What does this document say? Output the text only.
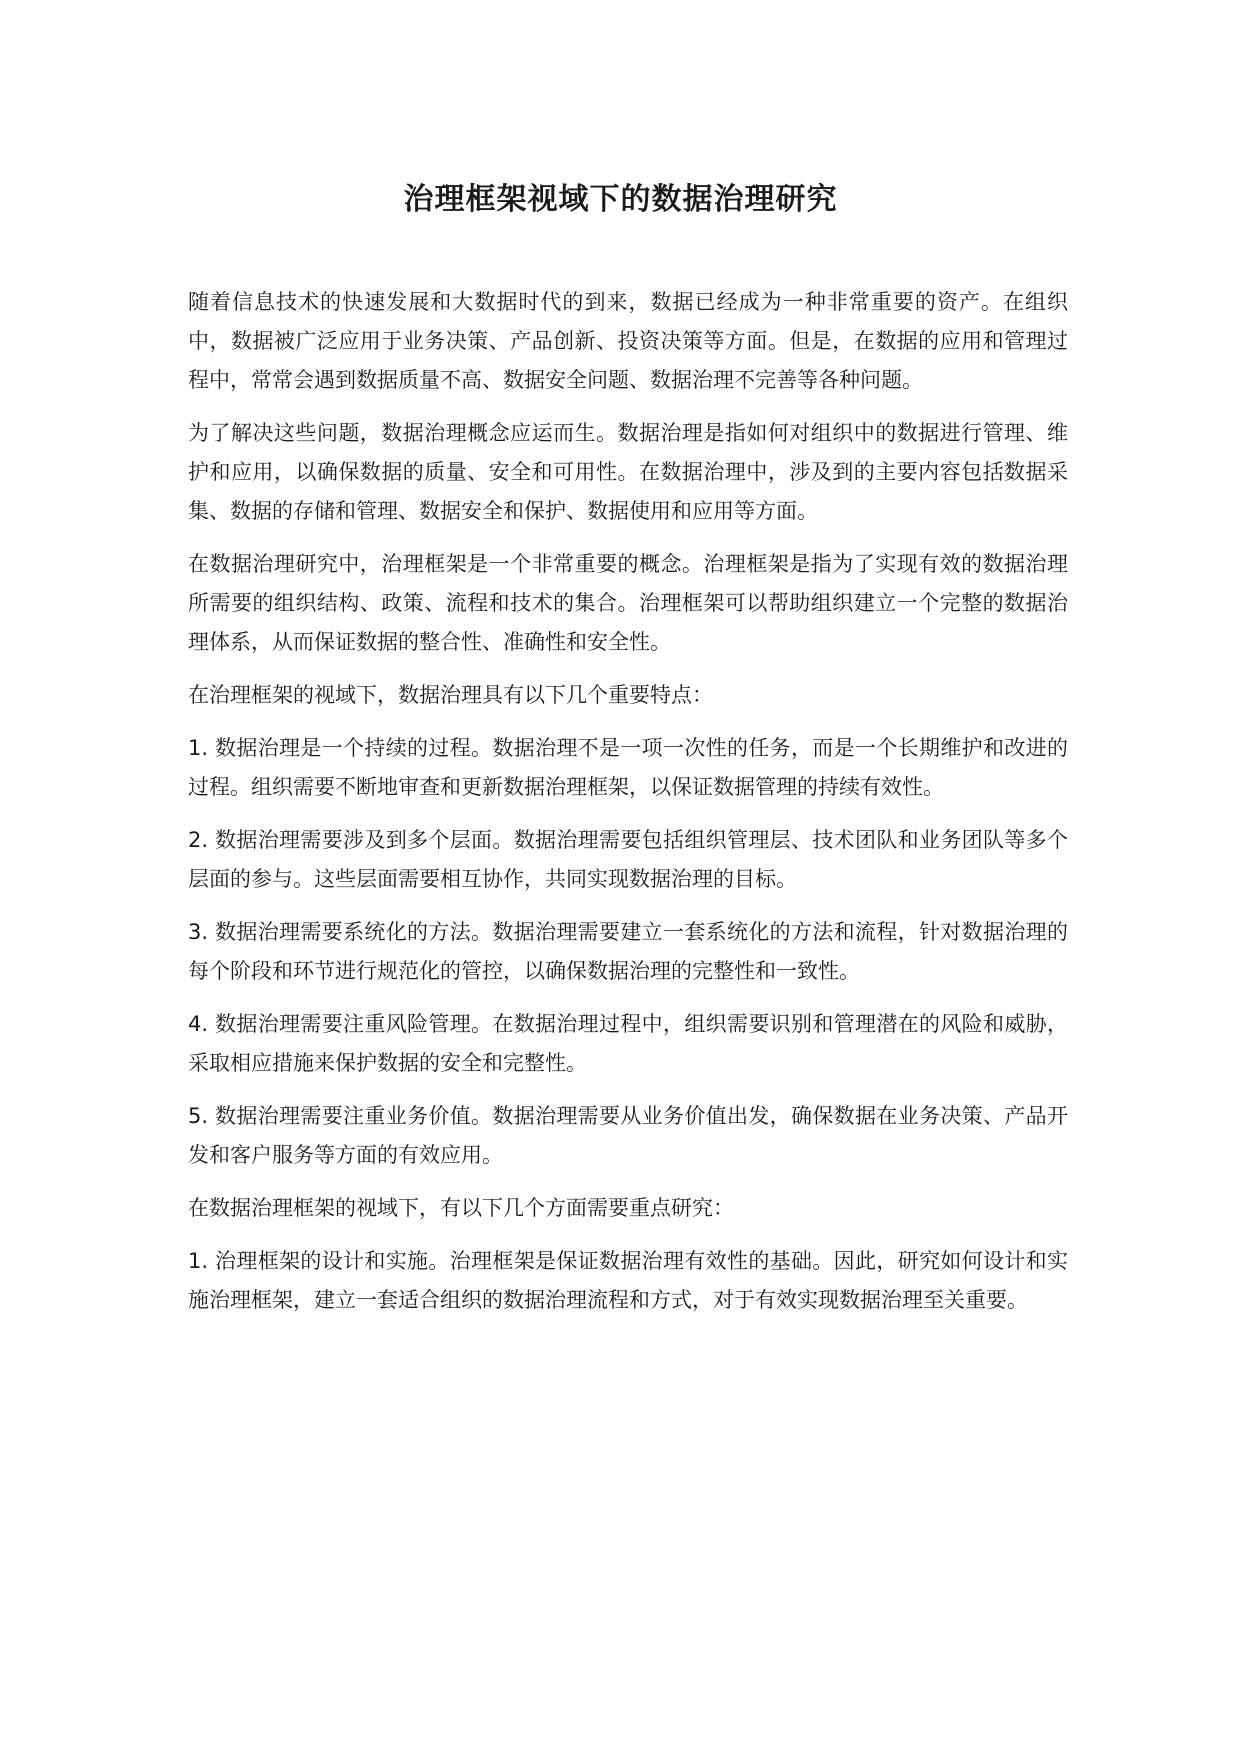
治理框架视域下的数据治理研究

随着信息技术的快速发展和大数据时代的到来，数据已经成为一种非常重要的资产。在组织中，数据被广泛应用于业务决策、产品创新、投资决策等方面。但是，在数据的应用和管理过程中，常常会遇到数据质量不高、数据安全问题、数据治理不完善等各种问题。

为了解决这些问题，数据治理概念应运而生。数据治理是指如何对组织中的数据进行管理、维护和应用，以确保数据的质量、安全和可用性。在数据治理中，涉及到的主要内容包括数据采集、数据的存储和管理、数据安全和保护、数据使用和应用等方面。

在数据治理研究中，治理框架是一个非常重要的概念。治理框架是指为了实现有效的数据治理所需要的组织结构、政策、流程和技术的集合。治理框架可以帮助组织建立一个完整的数据治理体系，从而保证数据的整合性、准确性和安全性。

在治理框架的视域下，数据治理具有以下几个重要特点：

1. 数据治理是一个持续的过程。数据治理不是一项一次性的任务，而是一个长期维护和改进的过程。组织需要不断地审查和更新数据治理框架，以保证数据管理的持续有效性。

2. 数据治理需要涉及到多个层面。数据治理需要包括组织管理层、技术团队和业务团队等多个层面的参与。这些层面需要相互协作，共同实现数据治理的目标。

3. 数据治理需要系统化的方法。数据治理需要建立一套系统化的方法和流程，针对数据治理的每个阶段和环节进行规范化的管控，以确保数据治理的完整性和一致性。

4. 数据治理需要注重风险管理。在数据治理过程中，组织需要识别和管理潜在的风险和威胁，采取相应措施来保护数据的安全和完整性。

5. 数据治理需要注重业务价值。数据治理需要从业务价值出发，确保数据在业务决策、产品开发和客户服务等方面的有效应用。

在数据治理框架的视域下，有以下几个方面需要重点研究：

1. 治理框架的设计和实施。治理框架是保证数据治理有效性的基础。因此，研究如何设计和实施治理框架，建立一套适合组织的数据治理流程和方式，对于有效实现数据治理至关重要。
